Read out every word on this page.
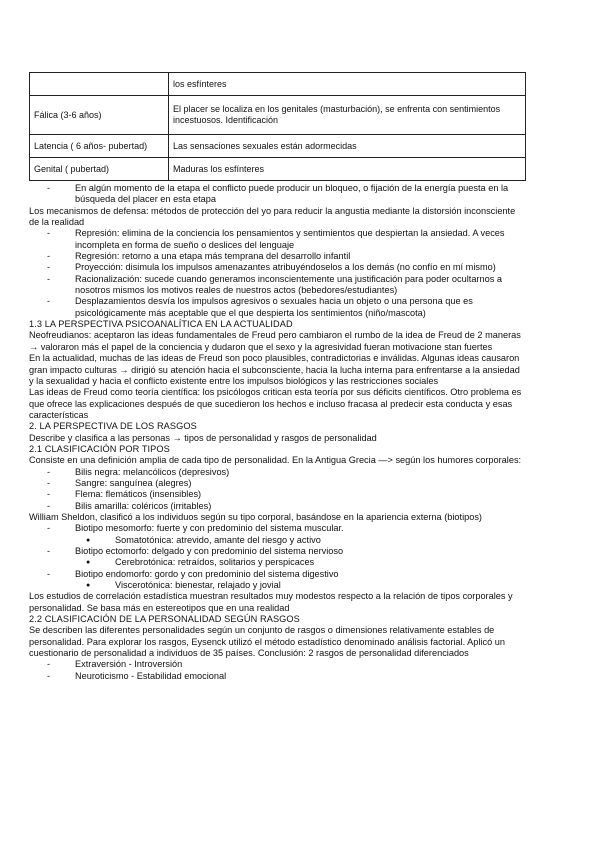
	los esfínteres
Fálica (3-6 años)	El placer se localiza en los genitales (masturbación), se enfrenta con sentimientos incestuosos. Identificación
Latencia ( 6 años- pubertad)	Las sensaciones sexuales están adormecidas
Genital ( pubertad)	Maduras los esfínteres
- En algún momento de la etapa el conflicto puede producir un bloqueo, o fijación de la energía puesta en la
búsqueda del placer en esta etapa
Los mecanismos de defensa: métodos de protección del yo para reducir la angustia mediante la distorsión inconsciente
de la realidad
- Represión: elimina de la conciencia los pensamientos y sentimientos que despiertan la ansiedad. A veces
incompleta en forma de sueño o deslices del lenguaje
- Regresión: retorno a una etapa más temprana del desarrollo infantil
- Proyección: disimula los impulsos amenazantes atribuyéndoselos a los demás (no confío en mí mismo)
- Racionalización: sucede cuando generamos inconscientemente una justificación para poder ocultarnos a
nosotros mismos los motivos reales de nuestros actos (bebedores/estudiantes)
- Desplazamientos desvía los impulsos agresivos o sexuales hacia un objeto o una persona que es
psicológicamente más aceptable que el que despierta los sentimientos (niño/mascota)
1.3 LA PERSPECTIVA PSICOANALÍTICA EN LA ACTUALIDAD
Neofreudianos: aceptaron las ideas fundamentales de Freud pero cambiaron el rumbo de la idea de Freud de 2 maneras
→ valoraron más el papel de la conciencia y dudaron que el sexo y la agresividad fueran motivacione stan fuertes
En la actualidad, muchas de las ideas de Freud son poco plausibles, contradictorias e inválidas. Algunas ideas causaron
gran impacto culturas → dirigió su atención hacia el subconsciente, hacia la lucha interna para enfrentarse a la ansiedad
y la sexualidad y hacia el conflicto existente entre los impulsos biológicos y las restricciones sociales
Las ideas de Freud como teoría científica: los psicólogos critican esta teoría por sus déficits científicos. Otro problema es
que ofrece las explicaciones después de que sucedieron los hechos e incluso fracasa al predecir esta conducta y esas
características
2. LA PERSPECTIVA DE LOS RASGOS
Describe y clasifica a las personas → tipos de personalidad y rasgos de personalidad
2.1 CLASIFICACIÓN POR TIPOS
Consiste en una definición amplia de cada tipo de personalidad. En la Antigua Grecia —> según los humores corporales:
- Bilis negra: melancólicos (depresivos)
- Sangre: sanguínea (alegres)
- Flema: flemáticos (insensibles)
- Bilis amarilla: coléricos (irritables)
William Sheldon, clasificó a los individuos según su tipo corporal, basándose en la apariencia externa (biotipos)
- Biotipo mesomorfo: fuerte y con predominio del sistema muscular.
● Somatotónica: atrevido, amante del riesgo y activo
- Biotipo ectomorfo: delgado y con predominio del sistema nervioso
● Cerebrotónica: retraídos, solitarios y perspicaces
- Biotipo endomorfo: gordo y con predominio del sistema digestivo
● Viscerotónica: bienestar, relajado y jovial
Los estudios de correlación estadística muestran resultados muy modestos respecto a la relación de tipos corporales y
personalidad. Se basa más en estereotipos que en una realidad
2.2 CLASIFICACIÓN DE LA PERSONALIDAD SEGÚN RASGOS
Se describen las diferentes personalidades según un conjunto de rasgos o dimensiones relativamente estables de
personalidad. Para explorar los rasgos, Eysenck utilizó el método estadístico denominado análisis factorial. Aplicó un
cuestionario de personalidad a individuos de 35 países. Conclusión: 2 rasgos de personalidad diferenciados
- Extraversión - Introversión
- Neuroticismo - Estabilidad emocional
